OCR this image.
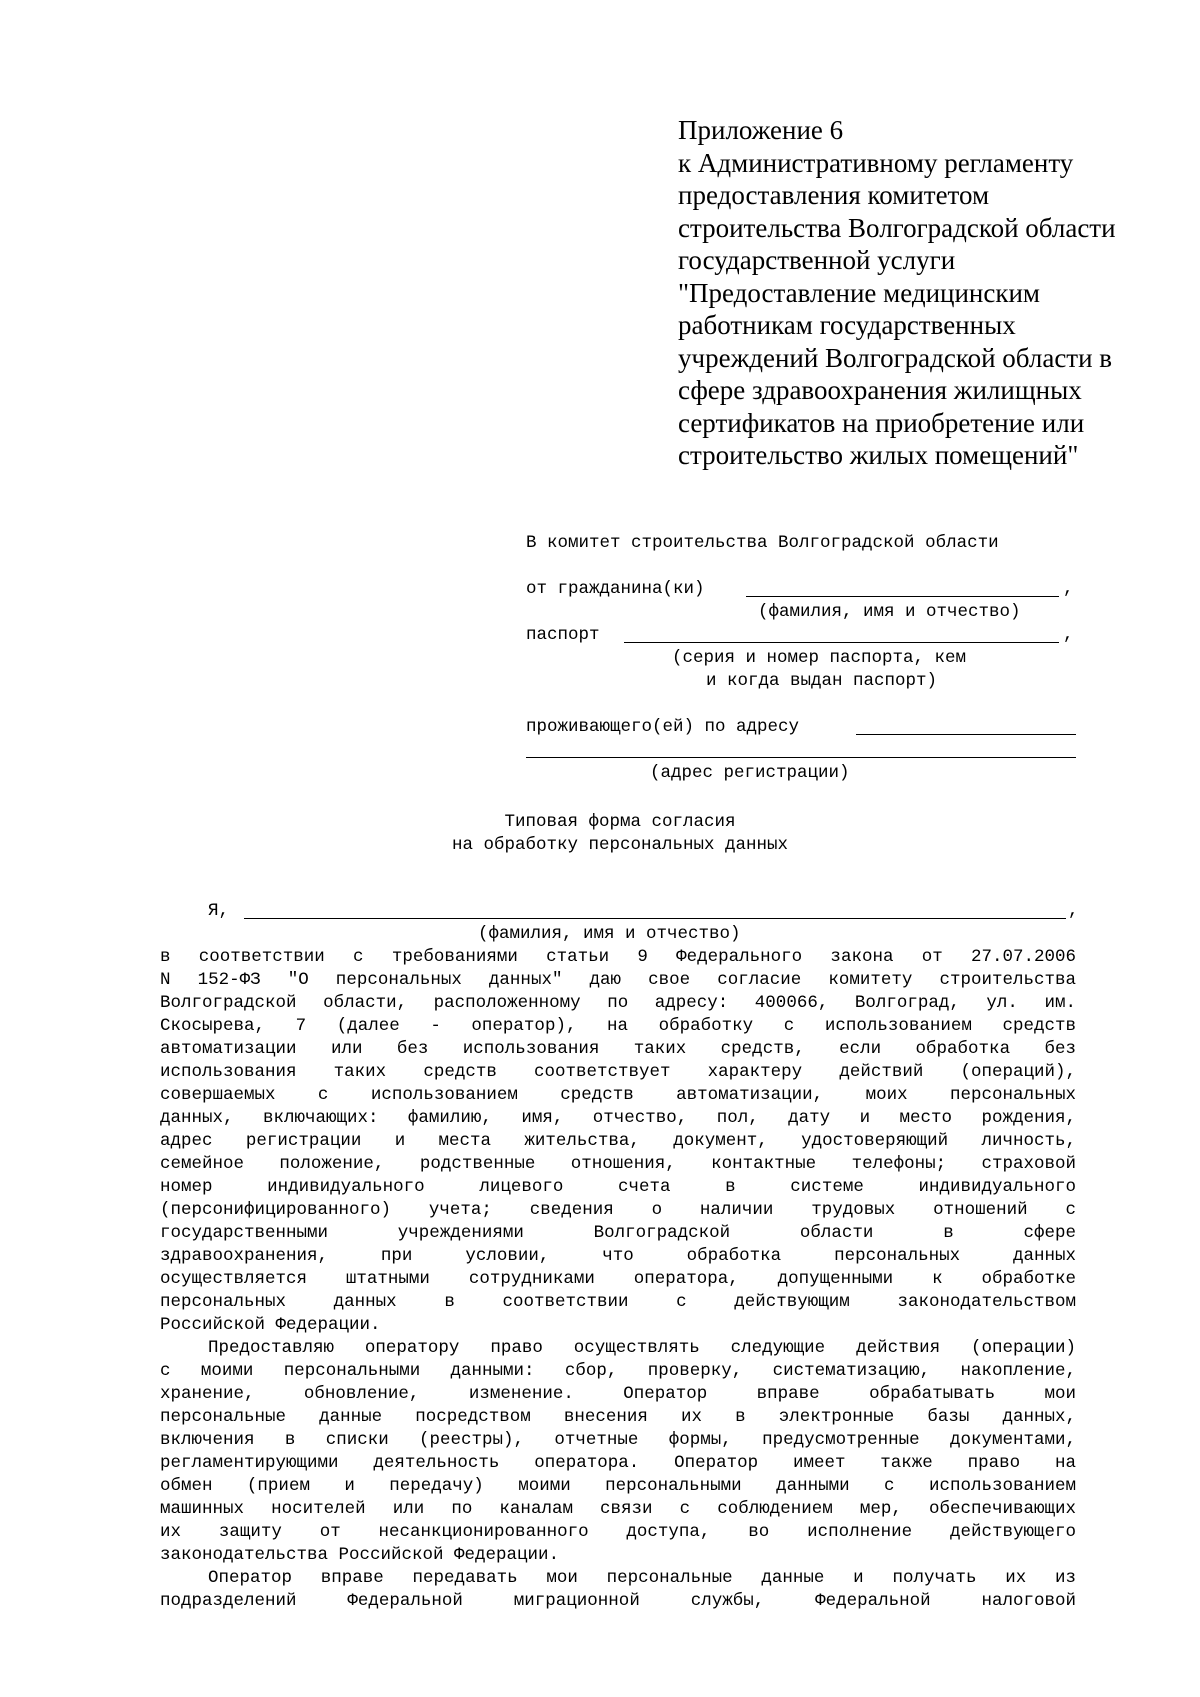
Приложение 6
к Административному регламенту
предоставления комитетом
строительства Волгоградской области
государственной услуги
"Предоставление медицинским
работникам государственных
учреждений Волгоградской области в
сфере здравоохранения жилищных
сертификатов на приобретение или
строительство жилых помещений"
В комитет строительства Волгоградской области
от гражданина(ки)	,
(фамилия, имя и отчество)
паспорт	,
(серия и номер паспорта, кем
и когда выдан паспорт)
проживающего(ей) по адресу
(адрес регистрации)
Типовая форма согласия
на обработку персональных данных
Я,	,
(фамилия, имя и отчество)
в соответствии с требованиями статьи 9 Федерального закона от 27.07.2006
N 152-ФЗ "О персональных данных" даю свое согласие комитету строительства
Волгоградской области, расположенному по адресу: 400066, Волгоград, ул. им.
Скосырева, 7 (далее - оператор), на обработку с использованием средств
автоматизации или без использования таких средств, если обработка без
использования таких средств соответствует характеру действий (операций),
совершаемых с использованием средств автоматизации, моих персональных
данных, включающих: фамилию, имя, отчество, пол, дату и место рождения,
адрес регистрации и места жительства, документ, удостоверяющий личность,
семейное положение, родственные отношения, контактные телефоны; страховой
номер индивидуального лицевого счета в системе индивидуального
(персонифицированного) учета; сведения о наличии трудовых отношений с
государственными учреждениями Волгоградской области в сфере
здравоохранения, при условии, что обработка персональных данных
осуществляется штатными сотрудниками оператора, допущенными к обработке
персональных данных в соответствии с действующим законодательством
Российской Федерации.
Предоставляю оператору право осуществлять следующие действия (операции)
с моими персональными данными: сбор, проверку, систематизацию, накопление,
хранение, обновление, изменение. Оператор вправе обрабатывать мои
персональные данные посредством внесения их в электронные базы данных,
включения в списки (реестры), отчетные формы, предусмотренные документами,
регламентирующими деятельность оператора. Оператор имеет также право на
обмен (прием и передачу) моими персональными данными с использованием
машинных носителей или по каналам связи с соблюдением мер, обеспечивающих
их защиту от несанкционированного доступа, во исполнение действующего
законодательства Российской Федерации.
Оператор вправе передавать мои персональные данные и получать их из
подразделений Федеральной миграционной службы, Федеральной налоговой
